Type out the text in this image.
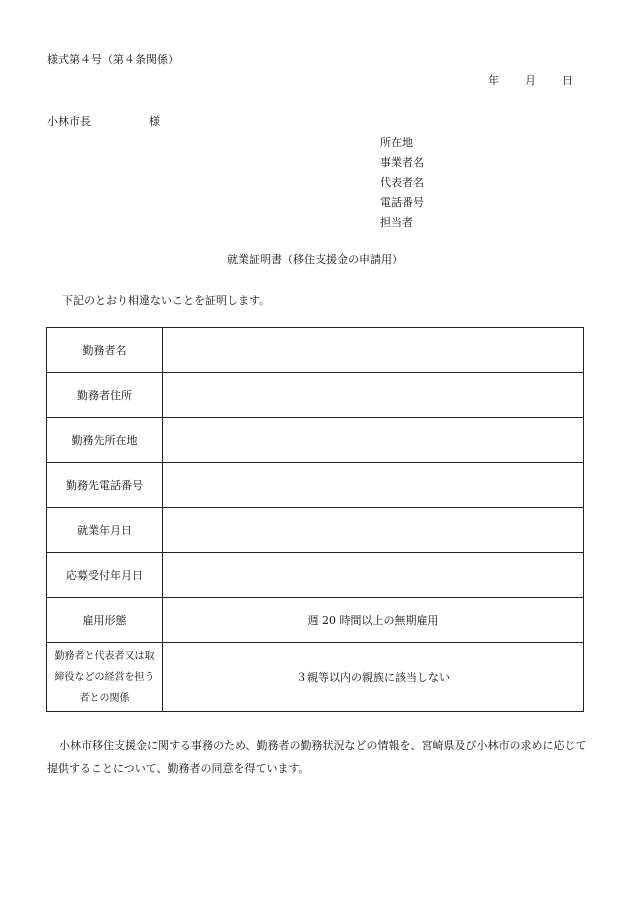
様式第４号（第４条関係）
年 月 日
小林市長	様
所在地
事業者名
代表者名
電話番号
担当者
就業証明書（移住支援金の申請用）
下記のとおり相違ないことを証明します。
勤務者名	
勤務者住所	
勤務先所在地	
勤務先電話番号	
就業年月日	
応募受付年月日	
雇用形態	週 20 時間以上の無期雇用

勤務者と代表者又は取
締役などの経営を担う
者との関係	３親等以内の親族に該当しない
小林市移住支援金に関する事務のため、勤務者の勤務状況などの情報を、宮崎県及び小林市の求めに応じて提供することについて、勤務者の同意を得ています。
